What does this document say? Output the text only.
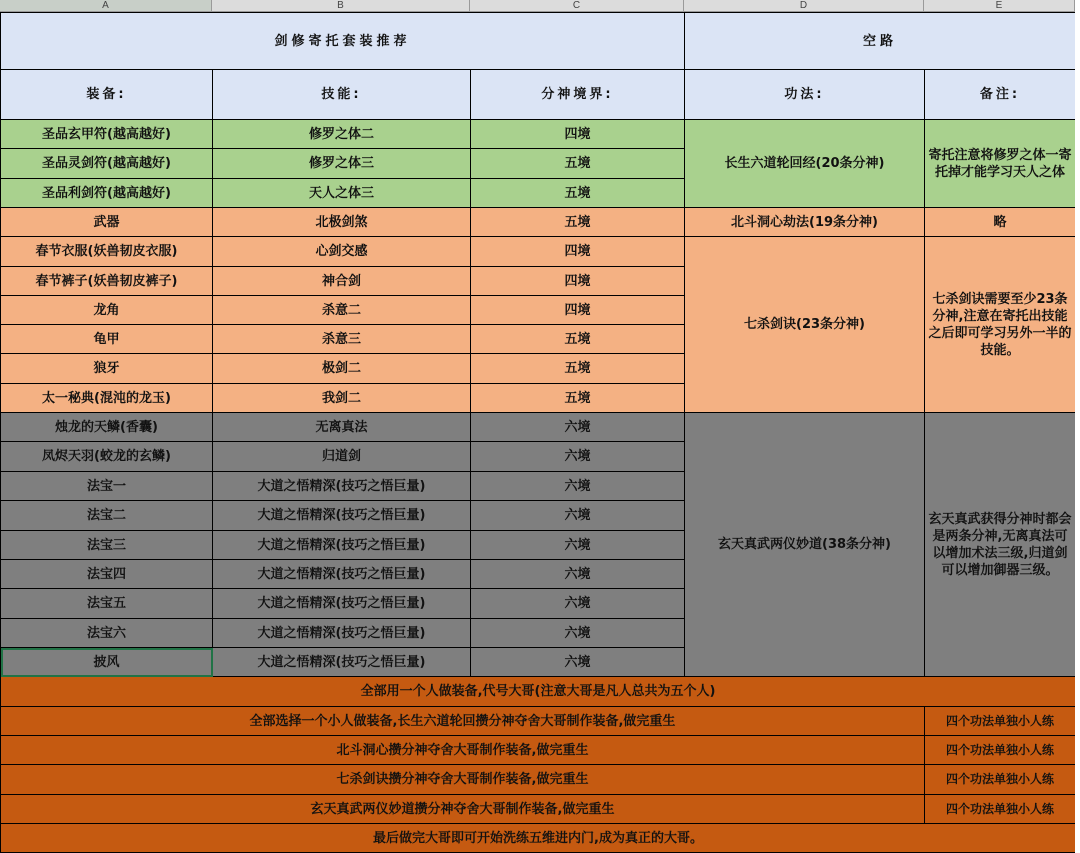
A	B	C	D	E
剑修寄托套装推荐			空路	
装备:	技能:	分神境界:	功法:	备注:
圣品玄甲符(越高越好)	修罗之体二	四境	长生六道轮回经(20条分神)	寄托注意将修罗之体一寄托掉才能学习天人之体
圣品灵剑符(越高越好)	修罗之体三	五境		
圣品利剑符(越高越好)	天人之体三	五境		
武器	北极剑煞	五境	北斗洞心劫法(19条分神)	略
春节衣服(妖兽韧皮衣服)	心剑交感	四境	七杀剑诀(23条分神)	七杀剑诀需要至少23条分神,注意在寄托出技能之后即可学习另外一半的技能。
春节裤子(妖兽韧皮裤子)	神合剑	四境		
龙角	杀意二	四境		
龟甲	杀意三	五境		
狼牙	极剑二	五境		
太一秘典(混沌的龙玉)	我剑二	五境		
烛龙的天鳞(香囊)	无离真法	六境	玄天真武两仪妙道(38条分神)	玄天真武获得分神时都会是两条分神,无离真法可以增加术法三级,归道剑可以增加御器三级。
凤烬天羽(蛟龙的玄鳞)	归道剑	六境		
法宝一	大道之悟精深(技巧之悟巨量)	六境		
法宝二	大道之悟精深(技巧之悟巨量)	六境		
法宝三	大道之悟精深(技巧之悟巨量)	六境		
法宝四	大道之悟精深(技巧之悟巨量)	六境		
法宝五	大道之悟精深(技巧之悟巨量)	六境		
法宝六	大道之悟精深(技巧之悟巨量)	六境		
披风	大道之悟精深(技巧之悟巨量)	六境		
全部用一个人做装备,代号大哥(注意大哥是凡人总共为五个人)				
全部选择一个小人做装备,长生六道轮回攒分神夺舍大哥制作装备,做完重生				四个功法单独小人练
北斗洞心攒分神夺舍大哥制作装备,做完重生				四个功法单独小人练
七杀剑诀攒分神夺舍大哥制作装备,做完重生				四个功法单独小人练
玄天真武两仪妙道攒分神夺舍大哥制作装备,做完重生				四个功法单独小人练
最后做完大哥即可开始洗练五维进内门,成为真正的大哥。				
